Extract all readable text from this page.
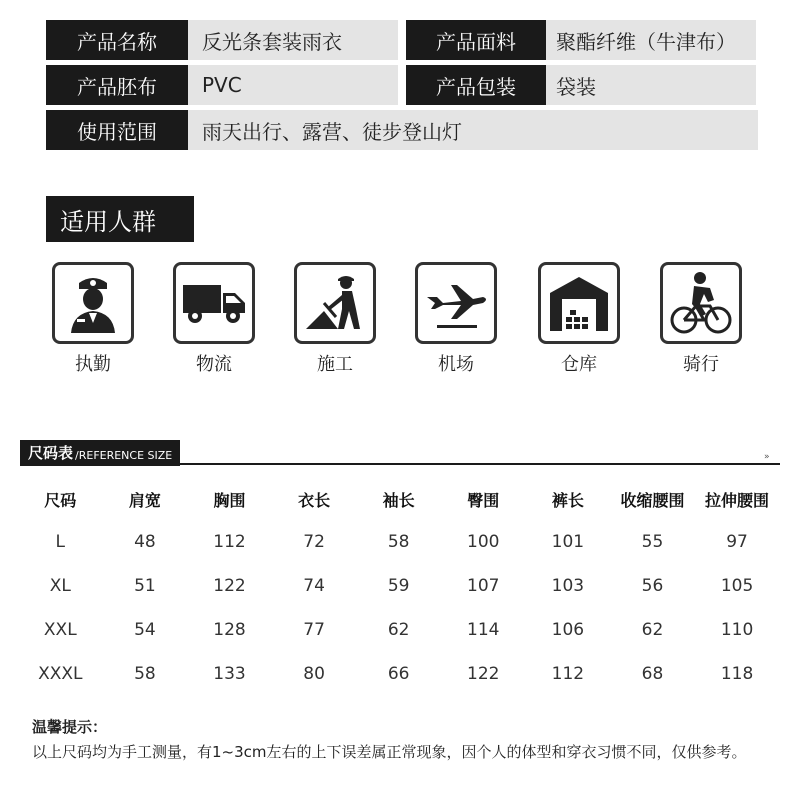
产品名称	反光条套装雨衣	产品面料	聚酯纤维（牛津布）
产品胚布	PVC	产品包装	袋装
使用范围	雨天出行、露营、徒步登山灯
适用人群
执勤	物流	施工	机场	仓库	骑行
尺码表 /REFERENCE SIZE	»
尺码	肩宽	胸围	衣长	袖长	臀围	裤长	收缩腰围	拉伸腰围
L	48	112	72	58	100	101	55	97
XL	51	122	74	59	107	103	56	105
XXL	54	128	77	62	114	106	62	110
XXXL	58	133	80	66	122	112	68	118
温馨提示：
以上尺码均为手工测量，有1~3cm左右的上下误差属正常现象，因个人的体型和穿衣习惯不同，仅供参考。
